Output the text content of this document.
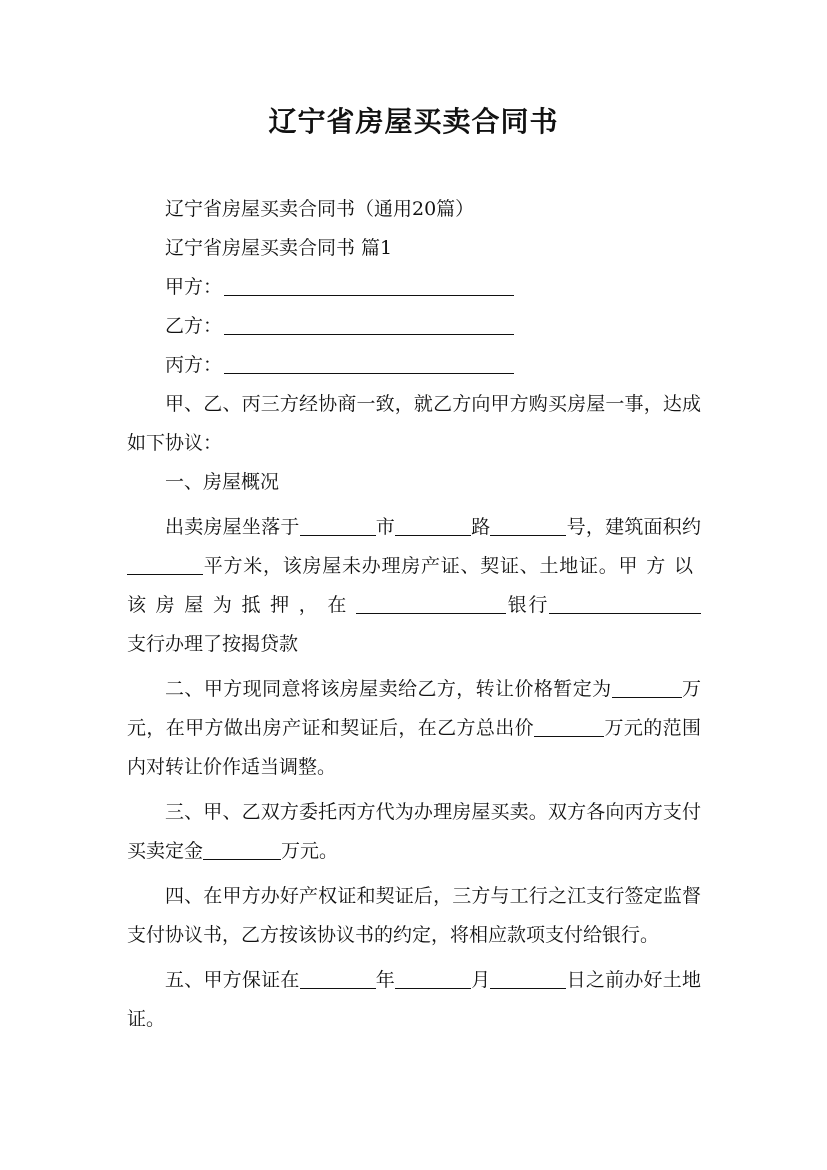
辽宁省房屋买卖合同书

辽宁省房屋买卖合同书（通用20篇）

辽宁省房屋买卖合同书 篇1

甲方：

乙方：

丙方：

甲、乙、丙三方经协商一致，就乙方向甲方购买房屋一事，达成如下协议：

一、房屋概况

出卖房屋坐落于	市	路	号，建筑面积约平方米，该房屋未办理房产证、契证、土地证。甲方以该房屋为抵押，在	银行支行办理了按揭贷款

二、甲方现同意将该房屋卖给乙方，转让价格暂定为	万元，在甲方做出房产证和契证后，在乙方总出价	万元的范围内对转让价作适当调整。

三、甲、乙双方委托丙方代为办理房屋买卖。双方各向丙方支付买卖定金	万元。

四、在甲方办好产权证和契证后，三方与工行之江支行签定监督支付协议书，乙方按该协议书的约定，将相应款项支付给银行。

五、甲方保证在	年	月	日之前办好土地证。
